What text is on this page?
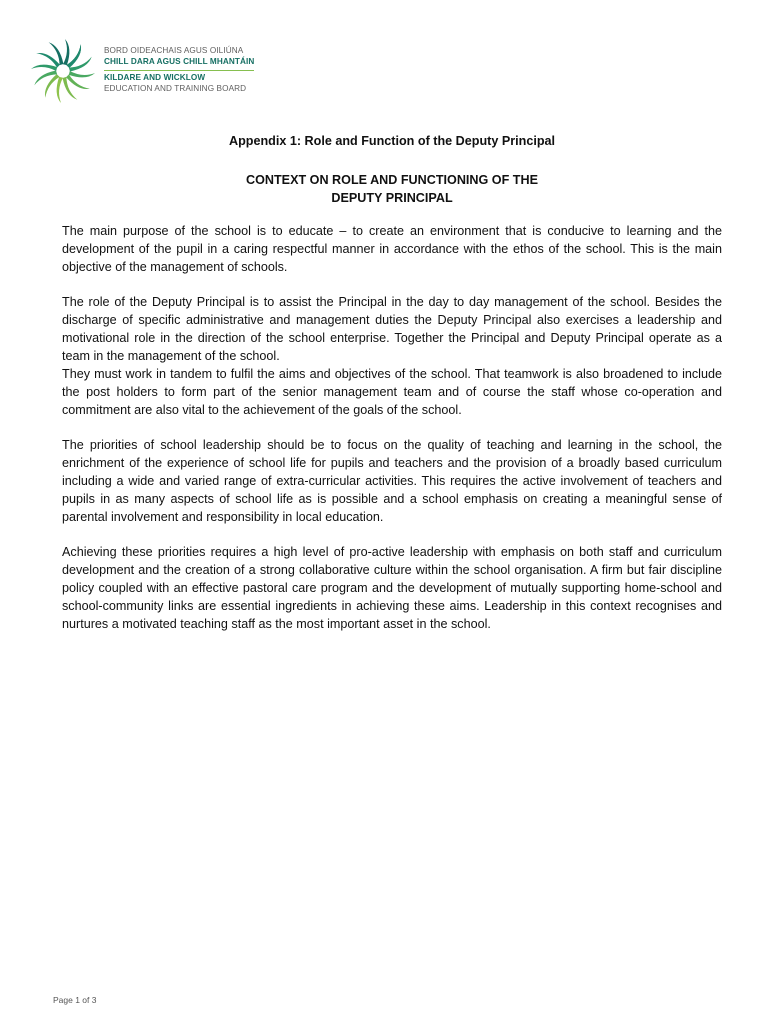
BORD OIDEACHAIS AGUS OILIÚNA
CHILL DARA AGUS CHILL MHANTÁIN
KILDARE AND WICKLOW
EDUCATION AND TRAINING BOARD
Appendix 1: Role and Function of the Deputy Principal
CONTEXT ON ROLE AND FUNCTIONING OF THE
DEPUTY PRINCIPAL

The main purpose of the school is to educate – to create an environment that is conducive to learning and the development of the pupil in a caring respectful manner in accordance with the ethos of the school. This is the main objective of the management of schools.

The role of the Deputy Principal is to assist the Principal in the day to day management of the school. Besides the discharge of specific administrative and management duties the Deputy Principal also exercises a leadership and motivational role in the direction of the school enterprise. Together the Principal and Deputy Principal operate as a team in the management of the school.

They must work in tandem to fulfil the aims and objectives of the school. That teamwork is also broadened to include the post holders to form part of the senior management team and of course the staff whose co-operation and commitment are also vital to the achievement of the goals of the school.

The priorities of school leadership should be to focus on the quality of teaching and learning in the school, the enrichment of the experience of school life for pupils and teachers and the provision of a broadly based curriculum including a wide and varied range of extra-curricular activities. This requires the active involvement of teachers and pupils in as many aspects of school life as is possible and a school emphasis on creating a meaningful sense of parental involvement and responsibility in local education.

Achieving these priorities requires a high level of pro-active leadership with emphasis on both staff and curriculum development and the creation of a strong collaborative culture within the school organisation. A firm but fair discipline policy coupled with an effective pastoral care program and the development of mutually supporting home-school and school-community links are essential ingredients in achieving these aims. Leadership in this context recognises and nurtures a motivated teaching staff as the most important asset in the school.

Page 1 of 3
